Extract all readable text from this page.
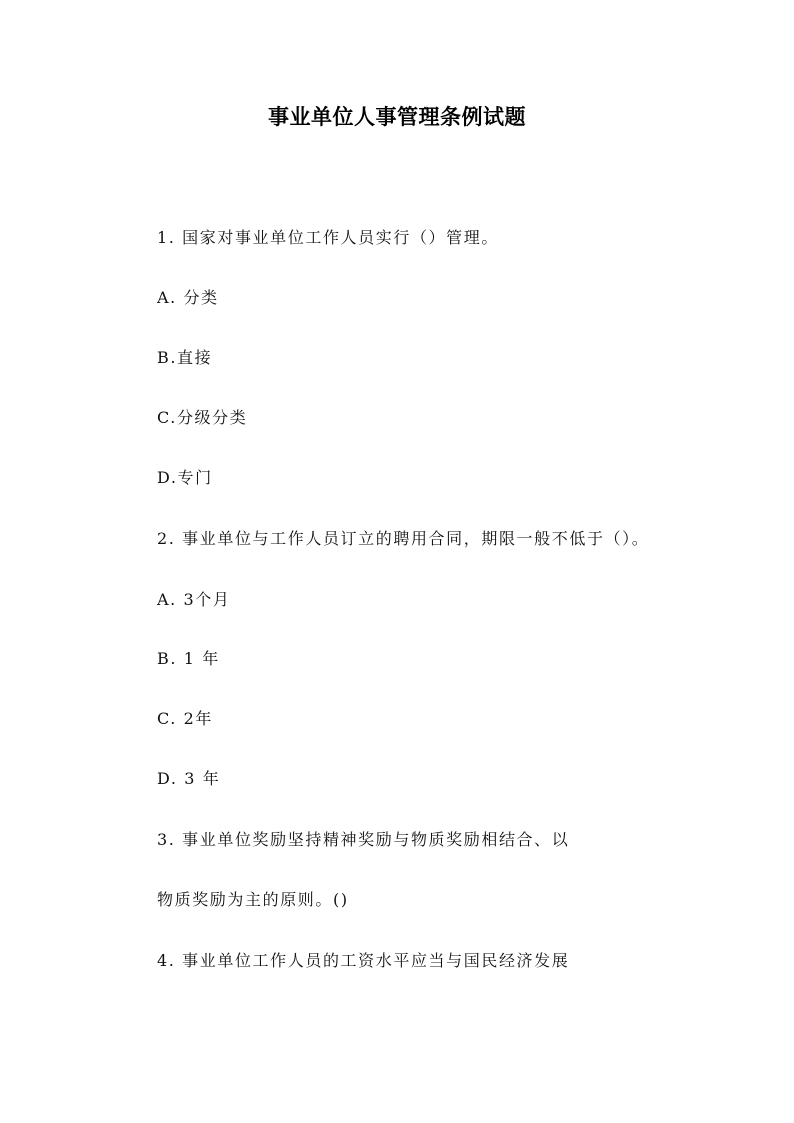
事业单位人事管理条例试题
1. 国家对事业单位工作人员实行（）管理。
A. 分类
B.直接
C.分级分类
D.专门
2. 事业单位与工作人员订立的聘用合同，期限一般不低于（）。
A. 3个月
B. 1 年
C. 2年
D. 3 年
3. 事业单位奖励坚持精神奖励与物质奖励相结合、以
物质奖励为主的原则。()
4. 事业单位工作人员的工资水平应当与国民经济发展
